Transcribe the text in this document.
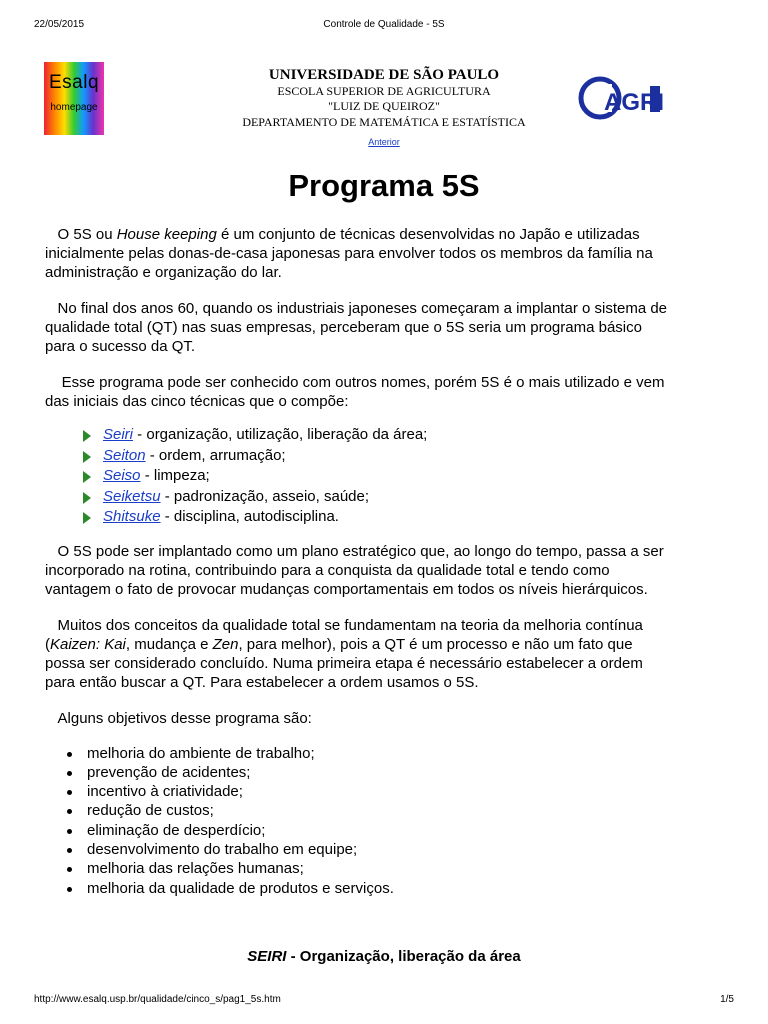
22/05/2015	Controle de Qualidade - 5S
Esalq
homepage
UNIVERSIDADE DE SÃO PAULO
ESCOLA SUPERIOR DE AGRICULTURA
"LUIZ DE QUEIROZ"
DEPARTAMENTO DE MATEMÁTICA E ESTATÍSTICA
AGRI
Anterior
Programa 5S

O 5S ou House keeping é um conjunto de técnicas desenvolvidas no Japão e utilizadas inicialmente pelas donas-de-casa japonesas para envolver todos os membros da família na administração e organização do lar.

No final dos anos 60, quando os industriais japoneses começaram a implantar o sistema de qualidade total (QT) nas suas empresas, perceberam que o 5S seria um programa básico para o sucesso da QT.

Esse programa pode ser conhecido com outros nomes, porém 5S é o mais utilizado e vem das iniciais das cinco técnicas que o compõe:

Seiri - organização, utilização, liberação da área;
Seiton - ordem, arrumação;
Seiso - limpeza;
Seiketsu - padronização, asseio, saúde;
Shitsuke - disciplina, autodisciplina.

O 5S pode ser implantado como um plano estratégico que, ao longo do tempo, passa a ser incorporado na rotina, contribuindo para a conquista da qualidade total e tendo como vantagem o fato de provocar mudanças comportamentais em todos os níveis hierárquicos.

Muitos dos conceitos da qualidade total se fundamentam na teoria da melhoria contínua (Kaizen: Kai, mudança e Zen, para melhor), pois a QT é um processo e não um fato que possa ser considerado concluído. Numa primeira etapa é necessário estabelecer a ordem para então buscar a QT. Para estabelecer a ordem usamos o 5S.

Alguns objetivos desse programa são:

melhoria do ambiente de trabalho;
prevenção de acidentes;
incentivo à criatividade;
redução de custos;
eliminação de desperdício;
desenvolvimento do trabalho em equipe;
melhoria das relações humanas;
melhoria da qualidade de produtos e serviços.
SEIRI - Organização, liberação da área
http://www.esalq.usp.br/qualidade/cinco_s/pag1_5s.htm	1/5
